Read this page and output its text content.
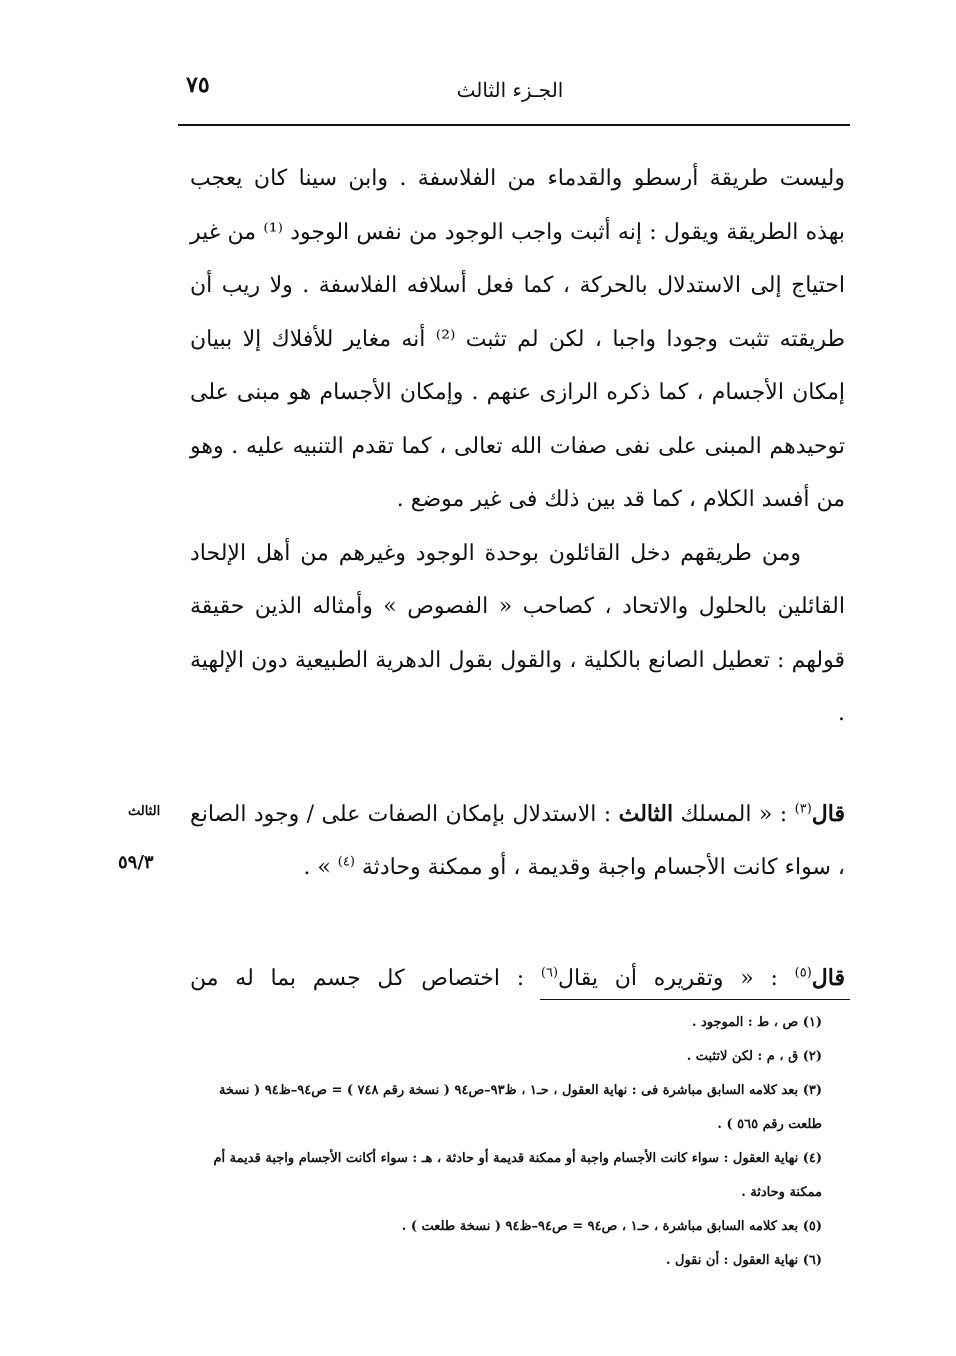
٧٥	الجـزء الثالث

وليست طريقة أرسطو والقدماء من الفلاسفة . وابن سينا كان يعجب بهذه الطريقة ويقول : إنه أثبت واجب الوجود من نفس الوجود ⁽¹⁾ من غير احتياج إلى الاستدلال بالحركة ، كما فعل أسلافه الفلاسفة . ولا ريب أن طريقته تثبت وجودا واجبا ، لكن لم تثبت ⁽²⁾ أنه مغاير للأفلاك إلا ببيان إمكان الأجسام ، كما ذكره الرازى عنهم . وإمكان الأجسام هو مبنى على توحيدهم المبنى على نفى صفات الله تعالى ، كما تقدم التنبيه عليه . وهو من أفسد الكلام ، كما قد بين ذلك فى غير موضع .

ومن طريقهم دخل القائلون بوحدة الوجود وغيرهم من أهل الإلحاد القائلين بالحلول والاتحاد ، كصاحب « الفصوص » وأمثاله الذين حقيقة قولهم : تعطيل الصانع بالكلية ، والقول بقول الدهرية الطبيعية دون الإلهية .

الثالث
٥٩/٣

قال$^{(٣)}$ : « المسلك الثالث : الاستدلال بإمكان الصفات على / وجود الصانع ، سواء كانت الأجسام واجبة وقديمة ، أو ممكنة وحادثة $^{(٤)}$ » .

قال$^{(٥)}$ : « وتقريره أن يقال$^{(٦)}$ : اختصاص كل جسم بما له من
(١) ص ، ط : الموجود .
(٢) ق ، م : لكن لاتثبت .
(٣) بعد كلامه السابق مباشرة فى : نهاية العقول ، حـ١ ، ظ٩٣–ص٩٤ ( نسخة رقم ٧٤٨ ) = ص٩٤–ظ٩٤ ( نسخة طلعت رقم ٥٦٥ ) .
(٤) نهاية العقول : سواء كانت الأجسام واجبة أو ممكنة قديمة أو حادثة ، هـ : سواء أكانت الأجسام واجبة قديمة أم ممكنة وحادثة .
(٥) بعد كلامه السابق مباشرة ، حـ١ ، ص٩٤ = ص٩٤–ظ٩٤ ( نسخة طلعت ) .
(٦) نهاية العقول : أن نقول .
